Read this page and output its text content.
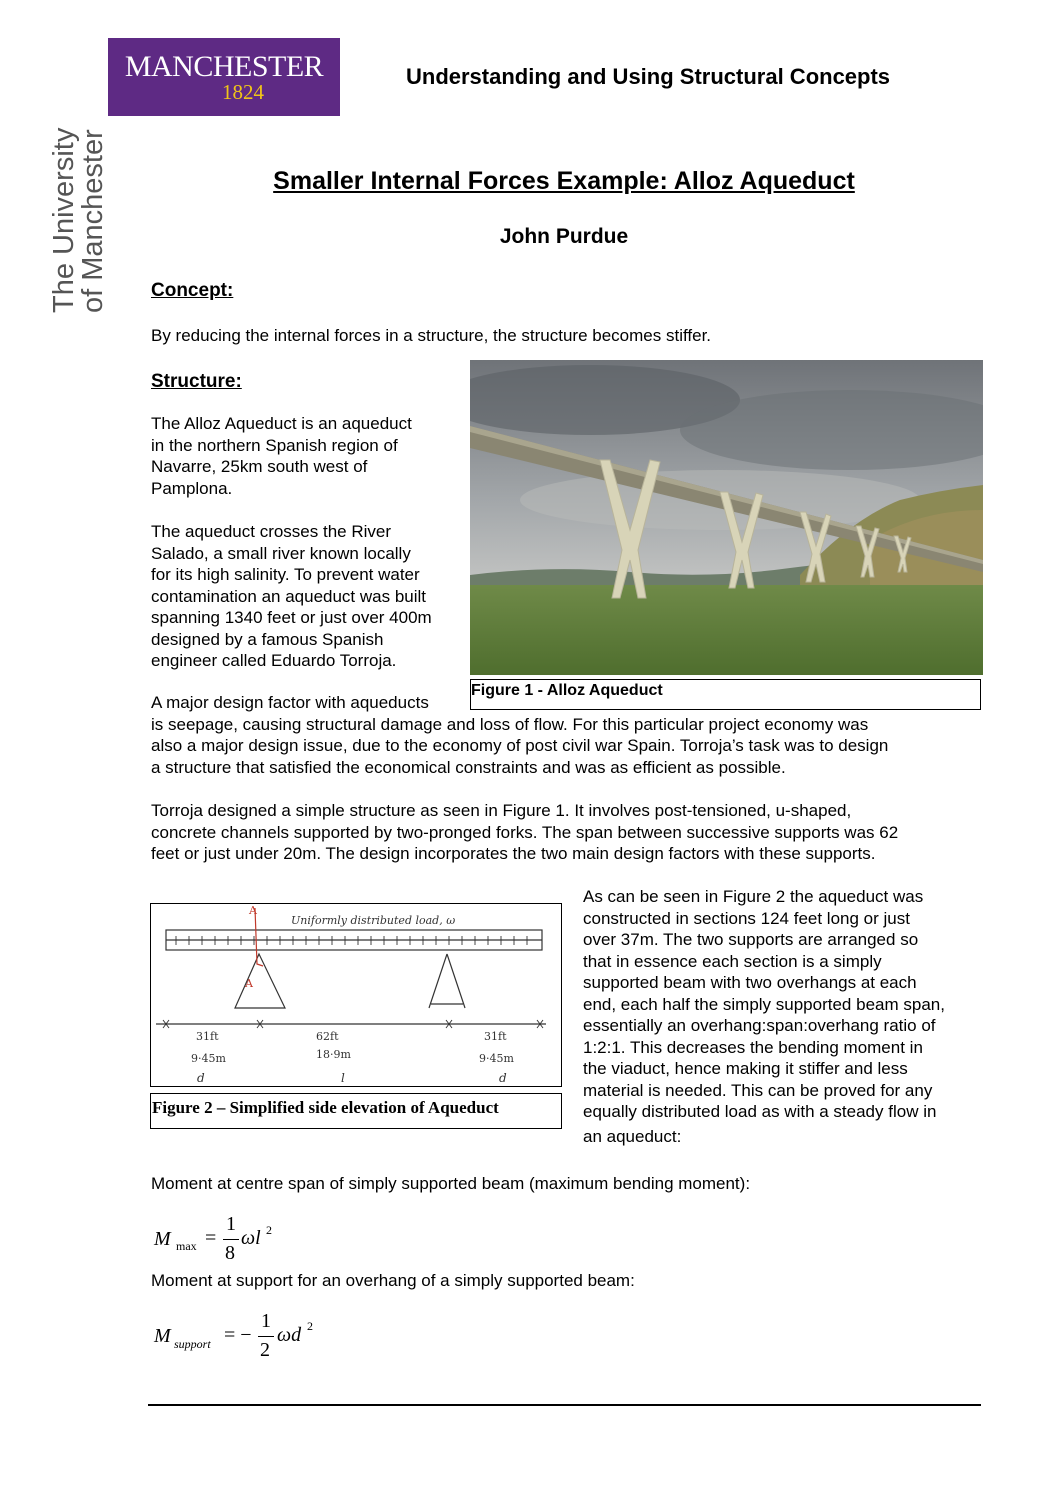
MANCHESTER
1824
The University
of Manchester
Understanding and Using Structural Concepts
Smaller Internal Forces Example: Alloz Aqueduct
John Purdue
Concept:
By reducing the internal forces in a structure, the structure becomes stiffer.
Structure:
The Alloz Aqueduct is an aqueduct
in the northern Spanish region of
Navarre, 25km south west of
Pamplona.
The aqueduct crosses the River
Salado, a small river known locally
for its high salinity. To prevent water
contamination an aqueduct was built
spanning 1340 feet or just over 400m
designed by a famous Spanish
engineer called Eduardo Torroja.
A major design factor with aqueducts
is seepage, causing structural damage and loss of flow. For this particular project economy was
also a major design issue, due to the economy of post civil war Spain. Torroja’s task was to design
a structure that satisfied the economical constraints and was as efficient as possible.
Torroja designed a simple structure as seen in Figure 1. It involves post-tensioned, u-shaped,
concrete channels supported by two-pronged forks. The span between successive supports was 62
feet or just under 20m. The design incorporates the two main design factors with these supports.
As can be seen in Figure 2 the aqueduct was
constructed in sections 124 feet long or just
over 37m. The two supports are arranged so
that in essence each section is a simply
supported beam with two overhangs at each
end, each half the simply supported beam span,
essentially an overhang:span:overhang ratio of
1:2:1. This decreases the bending moment in
the viaduct, hence making it stiffer and less
material is needed. This can be proved for any
equally distributed load as with a steady flow in
an aqueduct:
Figure 1 - Alloz Aqueduct
Uniformly distributed load, ω
A
A
31ft
9·45m
62ft
18·9m
31ft
9·45m
d	l	d
Figure 2 – Simplified side elevation of Aqueduct
Moment at centre span of simply supported beam (maximum bending moment):
M max =
1
8
ωl 2
Moment at support for an overhang of a simply supported beam:
M support = −
1
2
ωd 2
